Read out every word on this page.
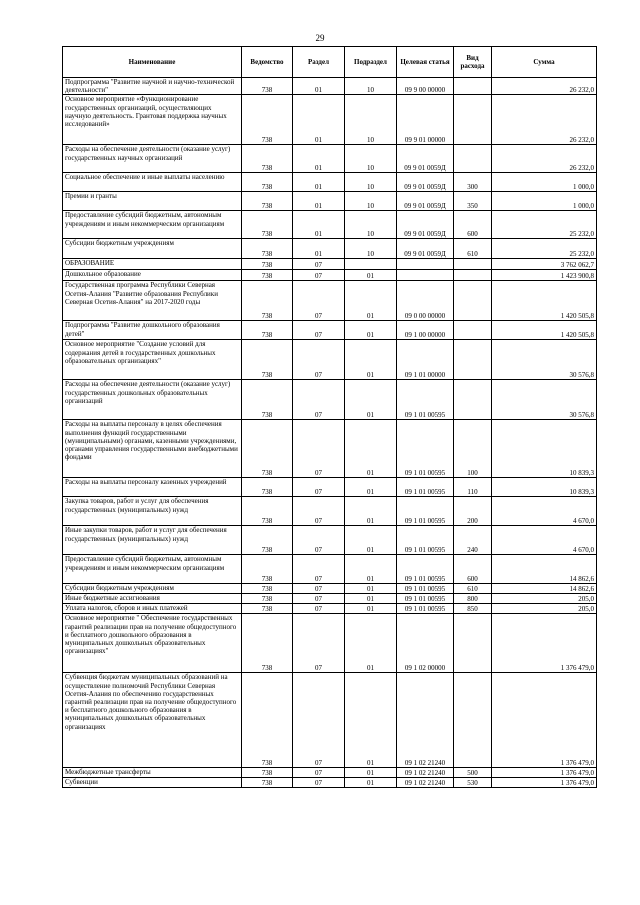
29
Наименование	Ведомство	Раздел	Подраздел	Целевая статья	Вид расхода	Сумма
Подпрограмма "Развитие научной и научно-технической деятельности"	738	01	10	09 9 00 00000		26 232,0
Основное мероприятие «Функционирование государственных организаций, осуществляющих научную деятельность. Грантовая поддержка научных исследований»	738	01	10	09 9 01 00000		26 232,0
Расходы на обеспечение деятельности (оказание услуг) государственных научных организаций	738	01	10	09 9 01 0059Д		26 232,0
Социальное обеспечение и иные выплаты населению	738	01	10	09 9 01 0059Д	300	1 000,0
Премии и гранты	738	01	10	09 9 01 0059Д	350	1 000,0
Предоставление субсидий бюджетным, автономным учреждениям и иным некоммерческим организациям	738	01	10	09 9 01 0059Д	600	25 232,0
Субсидии бюджетным учреждениям	738	01	10	09 9 01 0059Д	610	25 232,0
ОБРАЗОВАНИЕ	738	07				3 762 062,7
Дошкольное образование	738	07	01			1 423 900,8
Государственная программа Республики Северная Осетия-Алания "Развитие образования Республики Северная Осетия-Алания" на 2017-2020 годы	738	07	01	09 0 00 00000		1 420 505,8
Подпрограмма "Развитие дошкольного образования детей"	738	07	01	09 1 00 00000		1 420 505,8
Основное мероприятие "Создание условий для содержания детей в государственных дошкольных образовательных организациях"	738	07	01	09 1 01 00000		30 576,8
Расходы на обеспечение деятельности (оказание услуг) государственных дошкольных образовательных организаций	738	07	01	09 1 01 00595		30 576,8
Расходы на выплаты персоналу в целях обеспечения выполнения функций государственными (муниципальными) органами, казенными учреждениями, органами управления государственными внебюджетными фондами	738	07	01	09 1 01 00595	100	10 839,3
Расходы на выплаты персоналу казенных учреждений	738	07	01	09 1 01 00595	110	10 839,3
Закупка товаров, работ и услуг для обеспечения государственных (муниципальных) нужд	738	07	01	09 1 01 00595	200	4 670,0
Иные закупки товаров, работ и услуг для обеспечения государственных (муниципальных) нужд	738	07	01	09 1 01 00595	240	4 670,0
Предоставление субсидий бюджетным, автономным учреждениям и иным некоммерческим организациям	738	07	01	09 1 01 00595	600	14 862,6
Субсидии бюджетным учреждениям	738	07	01	09 1 01 00595	610	14 862,6
Иные бюджетные ассигнования	738	07	01	09 1 01 00595	800	205,0
Уплата налогов, сборов и иных платежей	738	07	01	09 1 01 00595	850	205,0
Основное мероприятие " Обеспечение государственных гарантий реализации прав на получение общедоступного и бесплатного дошкольного образования в муниципальных дошкольных образовательных организациях"	738	07	01	09 1 02 00000		1 376 479,0
Субвенция бюджетам муниципальных образований на осуществление полномочий Республики Северная Осетия-Алания по обеспечению государственных гарантий реализации прав на получение общедоступного и бесплатного дошкольного образования в муниципальных дошкольных образовательных организациях	738	07	01	09 1 02 21240		1 376 479,0
Межбюджетные трансферты	738	07	01	09 1 02 21240	500	1 376 479,0
Субвенции	738	07	01	09 1 02 21240	530	1 376 479,0
